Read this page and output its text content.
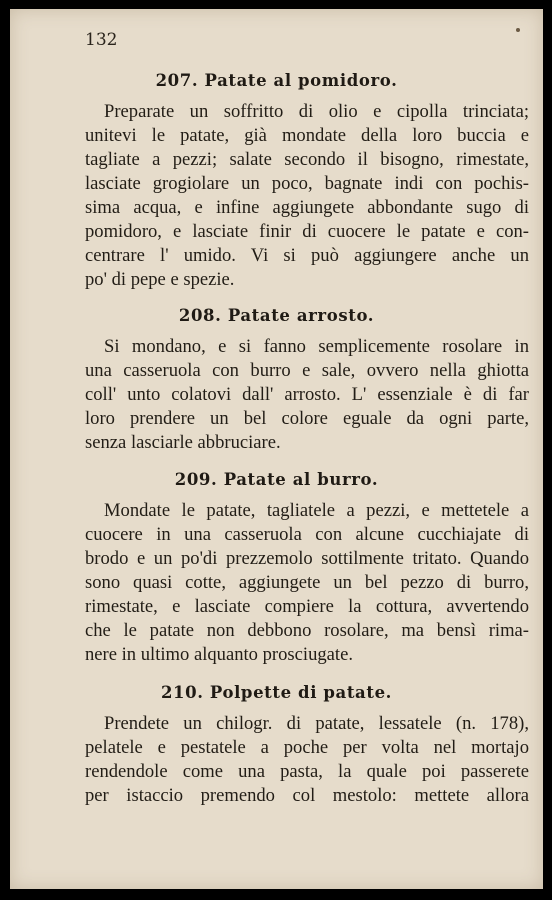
132
207. Patate al pomidoro.
Preparate un soffritto di olio e cipolla trinciata;
unitevi le patate, già mondate della loro buccia e
tagliate a pezzi; salate secondo il bisogno, rimestate,
lasciate grogiolare un poco, bagnate indi con pochis-
sima acqua, e infine aggiungete abbondante sugo di
pomidoro, e lasciate finir di cuocere le patate e con-
centrare l' umido. Vi si può aggiungere anche un
po' di pepe e spezie.
208. Patate arrosto.
Si mondano, e si fanno semplicemente rosolare in
una casseruola con burro e sale, ovvero nella ghiotta
coll' unto colatovi dall' arrosto. L' essenziale è di far
loro prendere un bel colore eguale da ogni parte,
senza lasciarle abbruciare.
209. Patate al burro.
Mondate le patate, tagliatele a pezzi, e mettetele a
cuocere in una casseruola con alcune cucchiajate di
brodo e un po'di prezzemolo sottilmente tritato. Quando
sono quasi cotte, aggiungete un bel pezzo di burro,
rimestate, e lasciate compiere la cottura, avvertendo
che le patate non debbono rosolare, ma bensì rima-
nere in ultimo alquanto prosciugate.
210. Polpette di patate.
Prendete un chilogr. di patate, lessatele (n. 178),
pelatele e pestatele a poche per volta nel mortajo
rendendole come una pasta, la quale poi passerete
per istaccio premendo col mestolo: mettete allora
